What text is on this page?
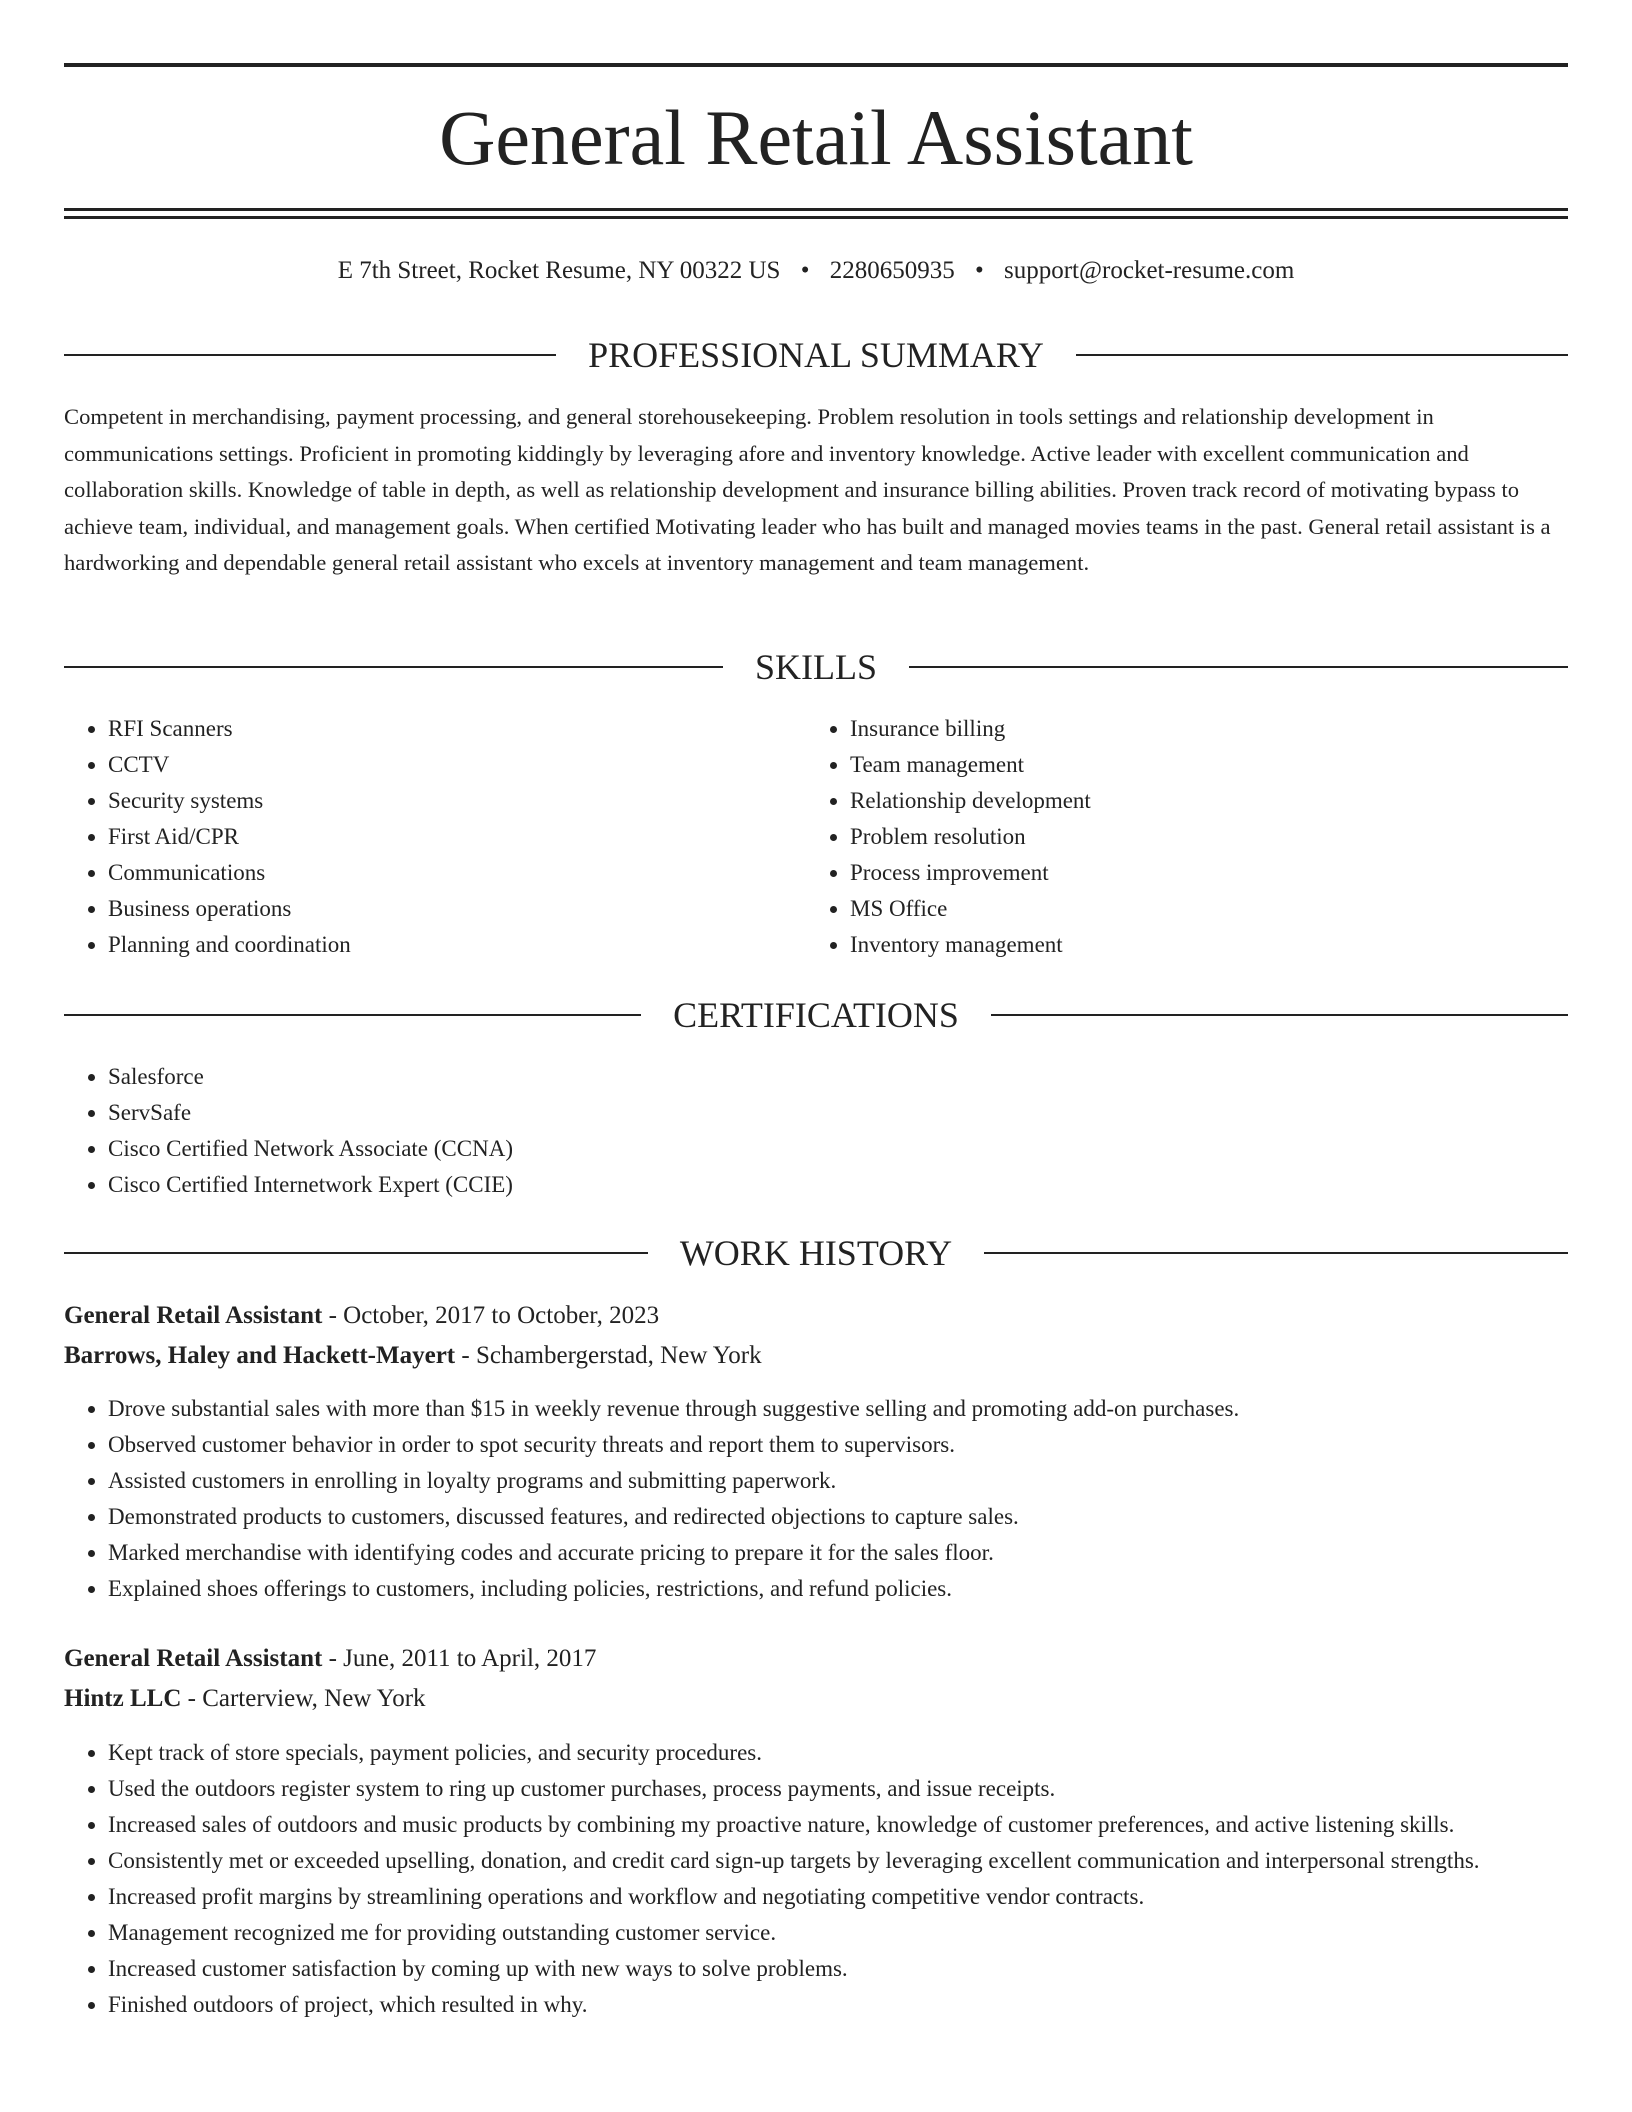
General Retail Assistant
E 7th Street, Rocket Resume, NY 00322 US • 2280650935 • support@rocket-resume.com
PROFESSIONAL SUMMARY

Competent in merchandising, payment processing, and general storehousekeeping. Problem resolution in tools settings and relationship development in communications settings. Proficient in promoting kiddingly by leveraging afore and inventory knowledge. Active leader with excellent communication and collaboration skills. Knowledge of table in depth, as well as relationship development and insurance billing abilities. Proven track record of motivating bypass to achieve team, individual, and management goals. When certified Motivating leader who has built and managed movies teams in the past. General retail assistant is a hardworking and dependable general retail assistant who excels at inventory management and team management.

SKILLS
• RFI Scanners
• CCTV
• Security systems
• First Aid/CPR
• Communications
• Business operations
• Planning and coordination
• Insurance billing
• Team management
• Relationship development
• Problem resolution
• Process improvement
• MS Office
• Inventory management
CERTIFICATIONS
• Salesforce
• ServSafe
• Cisco Certified Network Associate (CCNA)
• Cisco Certified Internetwork Expert (CCIE)
WORK HISTORY
General Retail Assistant - October, 2017 to October, 2023
Barrows, Haley and Hackett-Mayert - Schambergerstad, New York
• Drove substantial sales with more than $15 in weekly revenue through suggestive selling and promoting add-on purchases.
• Observed customer behavior in order to spot security threats and report them to supervisors.
• Assisted customers in enrolling in loyalty programs and submitting paperwork.
• Demonstrated products to customers, discussed features, and redirected objections to capture sales.
• Marked merchandise with identifying codes and accurate pricing to prepare it for the sales floor.
• Explained shoes offerings to customers, including policies, restrictions, and refund policies.
General Retail Assistant - June, 2011 to April, 2017
Hintz LLC - Carterview, New York
• Kept track of store specials, payment policies, and security procedures.
• Used the outdoors register system to ring up customer purchases, process payments, and issue receipts.
• Increased sales of outdoors and music products by combining my proactive nature, knowledge of customer preferences, and active listening skills.
• Consistently met or exceeded upselling, donation, and credit card sign-up targets by leveraging excellent communication and interpersonal strengths.
• Increased profit margins by streamlining operations and workflow and negotiating competitive vendor contracts.
• Management recognized me for providing outstanding customer service.
• Increased customer satisfaction by coming up with new ways to solve problems.
• Finished outdoors of project, which resulted in why.
